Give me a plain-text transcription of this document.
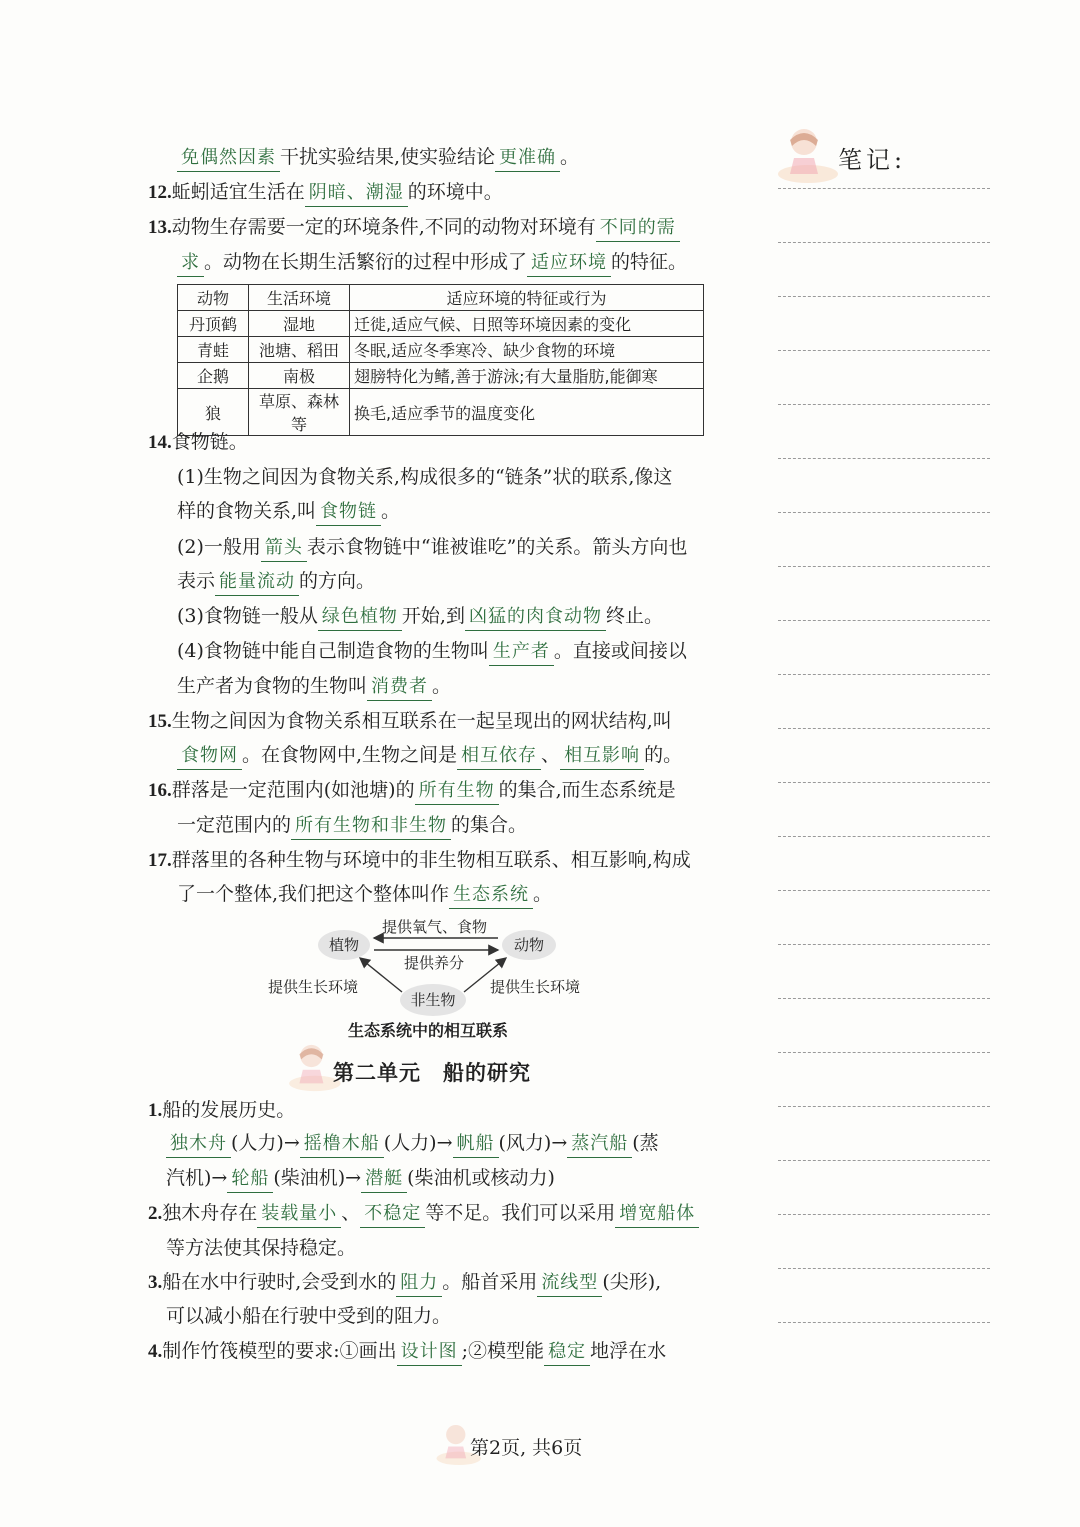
笔记:
免偶然因素 干扰实验结果,使实验结论 更准确 。
12.蚯蚓适宜生活在 阴暗、潮湿 的环境中。
13.动物生存需要一定的环境条件,不同的动物对环境有 不同的需
求 。动物在长期生活繁衍的过程中形成了 适应环境 的特征。
动物	生活环境	适应环境的特征或行为
丹顶鹤	湿地	迁徙,适应气候、日照等环境因素的变化
青蛙	池塘、稻田	冬眠,适应冬季寒冷、缺少食物的环境
企鹅	南极	翅膀特化为鳍,善于游泳;有大量脂肪,能御寒
狼	草原、森林等	换毛,适应季节的温度变化
14.食物链。
(1)生物之间因为食物关系,构成很多的“链条”状的联系,像这
样的食物关系,叫 食物链 。
(2)一般用 箭头 表示食物链中“谁被谁吃”的关系。箭头方向也
表示 能量流动 的方向。
(3)食物链一般从 绿色植物 开始,到 凶猛的肉食动物 终止。
(4)食物链中能自己制造食物的生物叫 生产者 。直接或间接以
生产者为食物的生物叫 消费者 。
15.生物之间因为食物关系相互联系在一起呈现出的网状结构,叫
食物网 。在食物网中,生物之间是 相互依存 、 相互影响 的。
16.群落是一定范围内(如池塘)的 所有生物 的集合,而生态系统是
一定范围内的 所有生物和非生物 的集合。
17.群落里的各种生物与环境中的非生物相互联系、相互影响,构成
了一个整体,我们把这个整体叫作 生态系统 。
植物	动物
非生物
提供氧气、食物
提供养分
提供生长环境	提供生长环境
生态系统中的相互联系
第二单元　船的研究
1.船的发展历史。
独木舟 (人力)→ 摇橹木船 (人力)→ 帆船 (风力)→ 蒸汽船 (蒸
汽机)→ 轮船 (柴油机)→ 潜艇 (柴油机或核动力)
2.独木舟存在 装载量小 、 不稳定 等不足。我们可以采用 增宽船体
等方法使其保持稳定。
3.船在水中行驶时,会受到水的 阻力 。船首采用 流线型 (尖形),
可以减小船在行驶中受到的阻力。
4.制作竹筏模型的要求:①画出 设计图 ;②模型能 稳定 地浮在水
第2页, 共6页
